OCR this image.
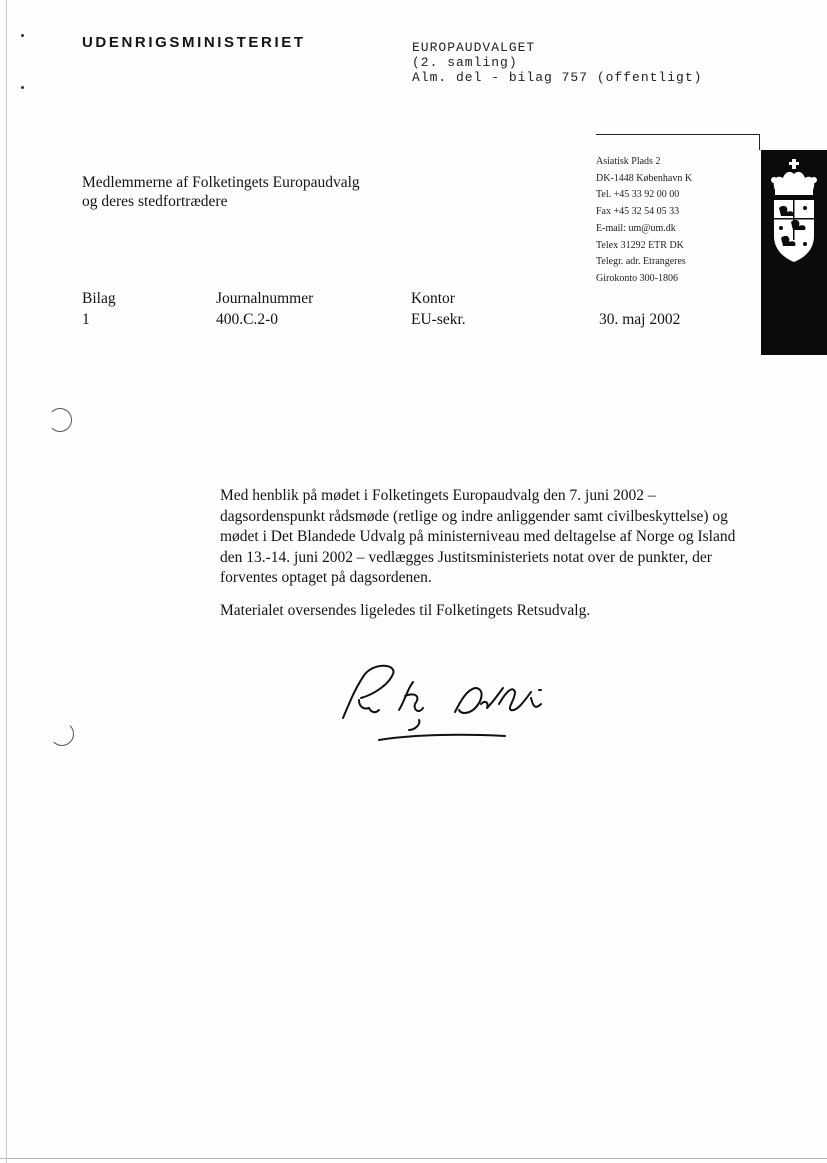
UDENRIGSMINISTERIET	EUROPAUDVALGET
(2. samling)
Alm. del - bilag 757 (offentligt)
Asiatisk Plads 2
DK-1448 København K
Tel. +45 33 92 00 00
Fax +45 32 54 05 33
E-mail: um@um.dk
Telex 31292 ETR DK
Telegr. adr. Etrangeres
Girokonto 300-1806
Medlemmerne af Folketingets Europaudvalg
og deres stedfortrædere
Bilag
1
Journalnummer
400.C.2-0
Kontor
EU-sekr.	30. maj 2002

Med henblik på mødet i Folketingets Europaudvalg den 7. juni 2002 – dagsordenspunkt rådsmøde (retlige og indre anliggender samt civilbeskyttelse) og mødet i Det Blandede Udvalg på ministerniveau med deltagelse af Norge og Island den 13.-14. juni 2002 – vedlægges Justitsministeriets notat over de punkter, der forventes optaget på dagsordenen.

Materialet oversendes ligeledes til Folketingets Retsudvalg.
